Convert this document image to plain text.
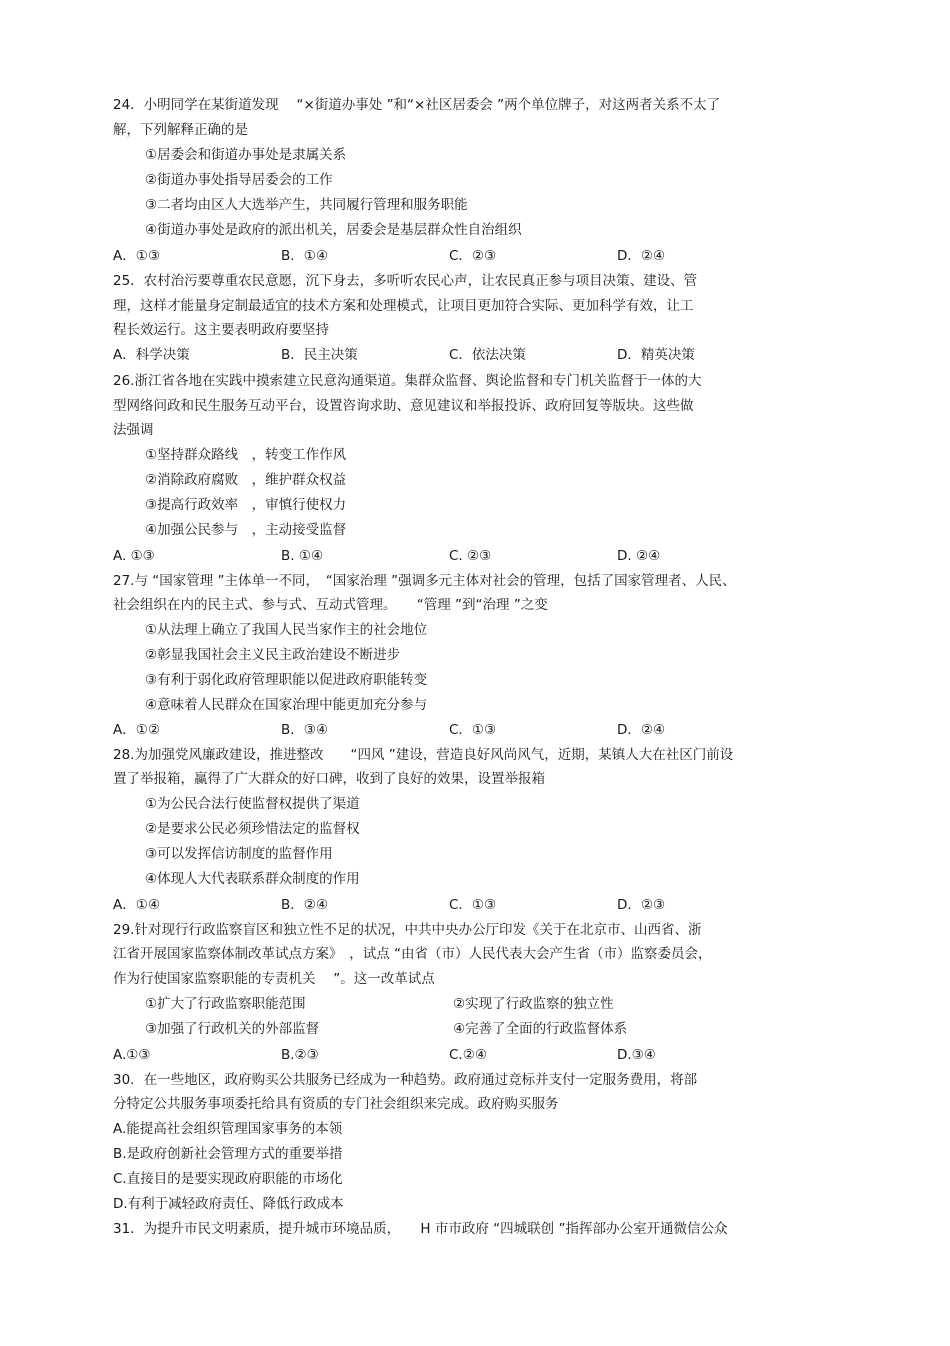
24．小明同学在某街道发现　 “×街道办事处 ”和“×社区居委会 ”两个单位牌子，对这两者关系不太了
解，下列解释正确的是
①居委会和街道办事处是隶属关系
②街道办事处指导居委会的工作
③二者均由区人大选举产生，共同履行管理和服务职能
④街道办事处是政府的派出机关，居委会是基层群众性自治组织
A．①③	B．①④	C．②③	D．②④
25．农村治污要尊重农民意愿，沉下身去，多听听农民心声，让农民真正参与项目决策、建设、管
理，这样才能量身定制最适宜的技术方案和处理模式，让项目更加符合实际、更加科学有效，让工
程长效运行。这主要表明政府要坚持
A．科学决策	B．民主决策	C．依法决策	D．精英决策
26.浙江省各地在实践中摸索建立民意沟通渠道。集群众监督、舆论监督和专门机关监督于一体的大
型网络问政和民生服务互动平台，设置咨询求助、意见建议和举报投诉、政府回复等版块。这些做
法强调
①坚持群众路线　，转变工作作风
②消除政府腐败　，维护群众权益
③提高行政效率　，审慎行使权力
④加强公民参与　，主动接受监督
A. ①③	B. ①④	C. ②③	D. ②④
27.与 “国家管理 ”主体单一不同，　“国家治理 ”强调多元主体对社会的管理，包括了国家管理者、人民、
社会组织在内的民主式、参与式、互动式管理。　　“管理 ”到“治理 ”之变
①从法理上确立了我国人民当家作主的社会地位
②彰显我国社会主义民主政治建设不断进步
③有利于弱化政府管理职能以促进政府职能转变
④意味着人民群众在国家治理中能更加充分参与
A．①②	B．③④	C．①③	D．②④
28.为加强党风廉政建设，推进整改　　“四风 ”建设，营造良好风尚风气，近期，某镇人大在社区门前设
置了举报箱，赢得了广大群众的好口碑，收到了良好的效果，设置举报箱
①为公民合法行使监督权提供了渠道
②是要求公民必须珍惜法定的监督权
③可以发挥信访制度的监督作用
④体现人大代表联系群众制度的作用
A．①④	B．②④	C．①③	D．②③
29.针对现行行政监察盲区和独立性不足的状况，中共中央办公厅印发《关于在北京市、山西省、浙
江省开展国家监察体制改革试点方案》　，试点 “由省（市）人民代表大会产生省（市）监察委员会，
作为行使国家监察职能的专责机关　 ”。这一改革试点
①扩大了行政监察职能范围	②实现了行政监察的独立性
③加强了行政机关的外部监督	④完善了全面的行政监督体系
A.①③	B.②③	C.②④	D.③④
30．在一些地区，政府购买公共服务已经成为一种趋势。政府通过竞标并支付一定服务费用，将部
分特定公共服务事项委托给具有资质的专门社会组织来完成。政府购买服务
A.能提高社会组织管理国家事务的本领
B.是政府创新社会管理方式的重要举措
C.直接目的是要实现政府职能的市场化
D.有利于减轻政府责任、降低行政成本
31．为提升市民文明素质，提升城市环境品质，　　H 市市政府 “四城联创 ”指挥部办公室开通微信公众
